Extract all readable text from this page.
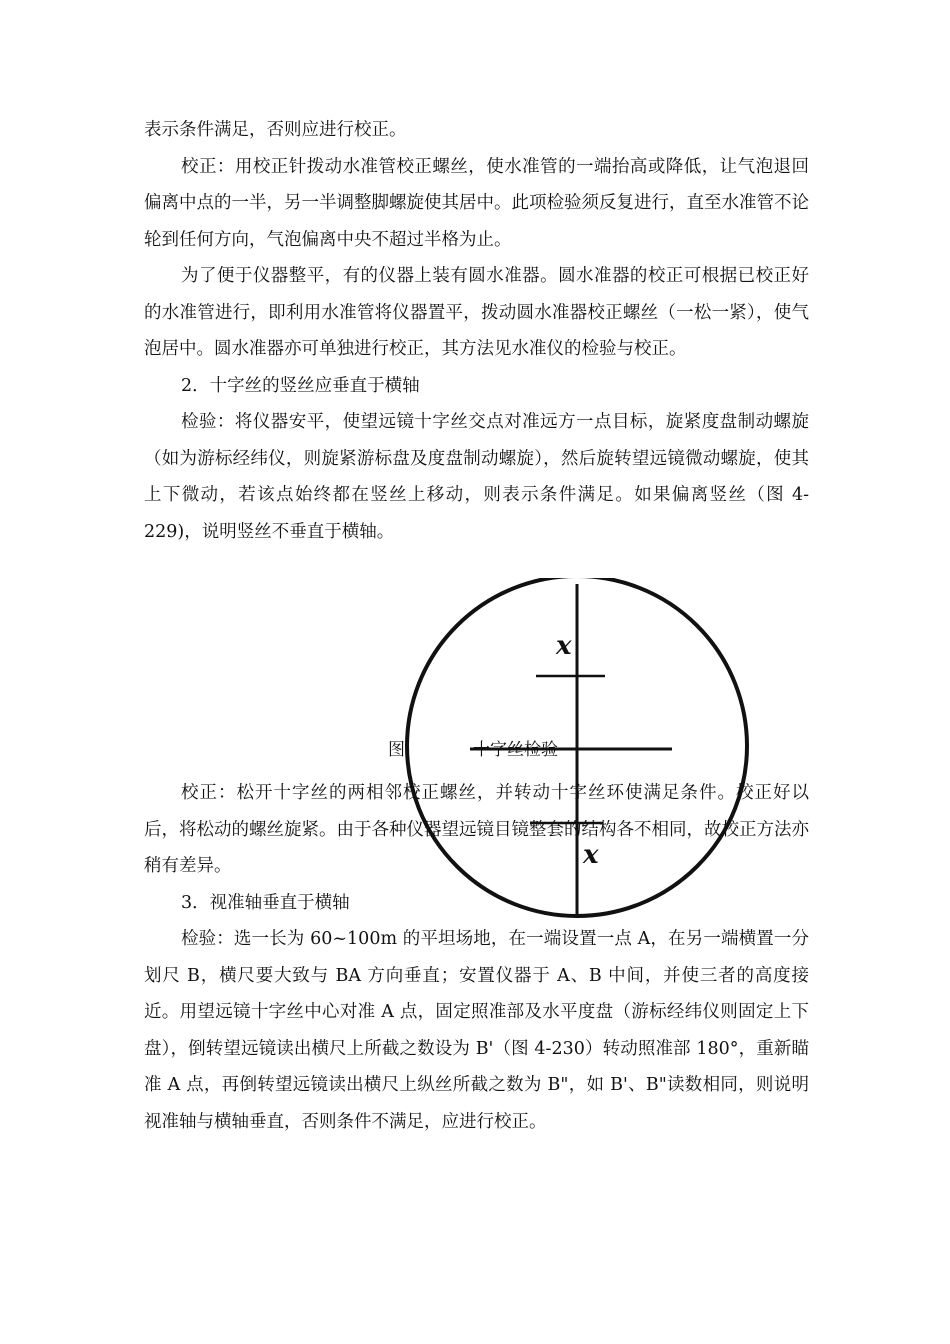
表示条件满足，否则应进行校正。

校正：用校正针拨动水准管校正螺丝，使水准管的一端抬高或降低，让气泡退回偏离中点的一半，另一半调整脚螺旋使其居中。此项检验须反复进行，直至水准管不论轮到任何方向，气泡偏离中央不超过半格为止。

为了便于仪器整平，有的仪器上装有圆水准器。圆水准器的校正可根据已校正好的水准管进行，即利用水准管将仪器置平，拨动圆水准器校正螺丝（一松一紧），使气泡居中。圆水准器亦可单独进行校正，其方法见水准仪的检验与校正。

2．十字丝的竖丝应垂直于横轴

检验：将仪器安平，使望远镜十字丝交点对准远方一点目标，旋紧度盘制动螺旋（如为游标经纬仪，则旋紧游标盘及度盘制动螺旋），然后旋转望远镜微动螺旋，使其上下微动，若该点始终都在竖丝上移动，则表示条件满足。如果偏离竖丝（图 4-229)，说明竖丝不垂直于横轴。

x
x
图	十字丝检验

校正：松开十字丝的两相邻校正螺丝，并转动十字丝环使满足条件。校正好以后，将松动的螺丝旋紧。由于各种仪器望远镜目镜整套的结构各不相同，故校正方法亦稍有差异。

3．视准轴垂直于横轴

检验：选一长为 60~100m 的平坦场地，在一端设置一点 A，在另一端横置一分划尺 B，横尺要大致与 BA 方向垂直；安置仪器于 A、B 中间，并使三者的高度接近。用望远镜十字丝中心对准 A 点，固定照准部及水平度盘（游标经纬仪则固定上下盘），倒转望远镜读出横尺上所截之数设为 B'（图 4-230）转动照准部 180°，重新瞄准 A 点，再倒转望远镜读出横尺上纵丝所截之数为 B"，如 B'、B"读数相同，则说明视准轴与横轴垂直，否则条件不满足，应进行校正。
